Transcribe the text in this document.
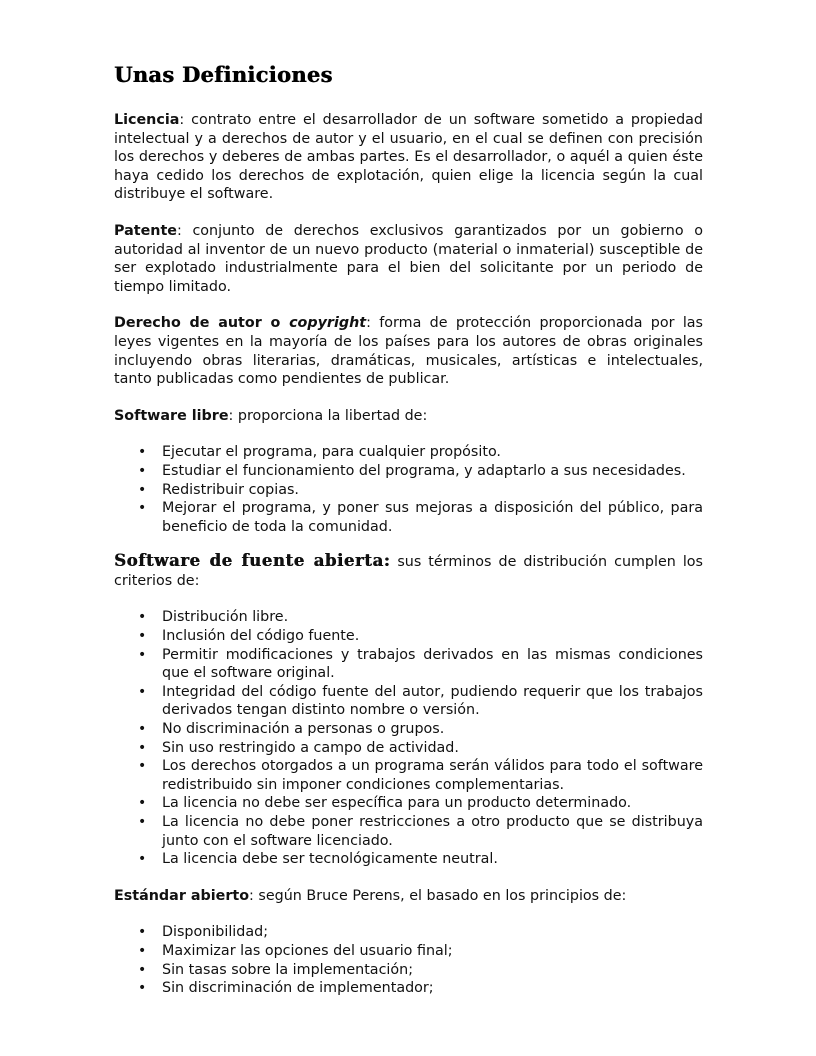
Unas Definiciones

Licencia: contrato entre el desarrollador de un software sometido a propiedad intelectual y a derechos de autor y el usuario, en el cual se definen con precisión los derechos y deberes de ambas partes. Es el desarrollador, o aquél a quien éste haya cedido los derechos de explotación, quien elige la licencia según la cual distribuye el software.

Patente: conjunto de derechos exclusivos garantizados por un gobierno o autoridad al inventor de un nuevo producto (material o inmaterial) susceptible de ser explotado industrialmente para el bien del solicitante por un periodo de tiempo limitado.

Derecho de autor o copyright: forma de protección proporcionada por las leyes vigentes en la mayoría de los países para los autores de obras originales incluyendo obras literarias, dramáticas, musicales, artísticas e intelectuales, tanto publicadas como pendientes de publicar.

Software libre: proporciona la libertad de:

• Ejecutar el programa, para cualquier propósito.
• Estudiar el funcionamiento del programa, y adaptarlo a sus necesidades.
• Redistribuir copias.
• Mejorar el programa, y poner sus mejoras a disposición del público, para beneficio de toda la comunidad.

Software de fuente abierta: sus términos de distribución cumplen los criterios de:

• Distribución libre.
• Inclusión del código fuente.
• Permitir modificaciones y trabajos derivados en las mismas condiciones que el software original.
• Integridad del código fuente del autor, pudiendo requerir que los trabajos derivados tengan distinto nombre o versión.
• No discriminación a personas o grupos.
• Sin uso restringido a campo de actividad.
• Los derechos otorgados a un programa serán válidos para todo el software redistribuido sin imponer condiciones complementarias.
• La licencia no debe ser específica para un producto determinado.
• La licencia no debe poner restricciones a otro producto que se distribuya junto con el software licenciado.
• La licencia debe ser tecnológicamente neutral.

Estándar abierto: según Bruce Perens, el basado en los principios de:

• Disponibilidad;
• Maximizar las opciones del usuario final;
• Sin tasas sobre la implementación;
• Sin discriminación de implementador;
